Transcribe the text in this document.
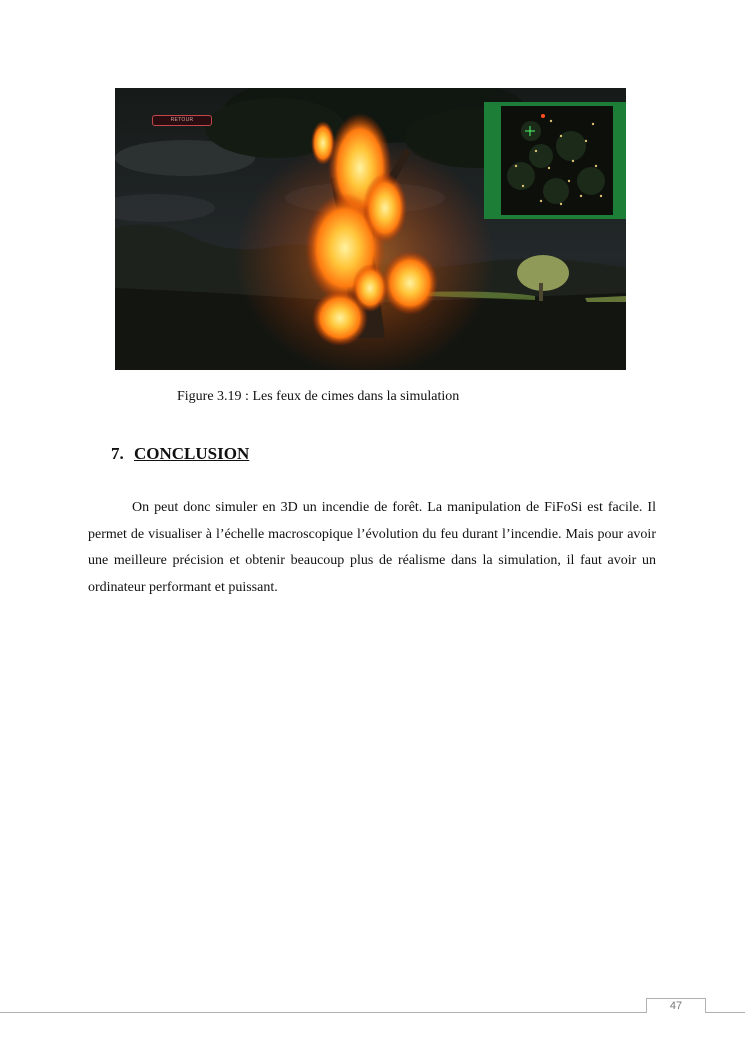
RETOUR
Figure 3.19 : Les feux de cimes dans la simulation
7. CONCLUSION

On peut donc simuler en 3D un incendie de forêt. La manipulation de FiFoSi est facile. Il permet de visualiser à l’échelle macroscopique l’évolution du feu durant l’incendie. Mais pour avoir une meilleure précision et obtenir beaucoup plus de réalisme dans la simulation, il faut avoir un ordinateur performant et puissant.

47
